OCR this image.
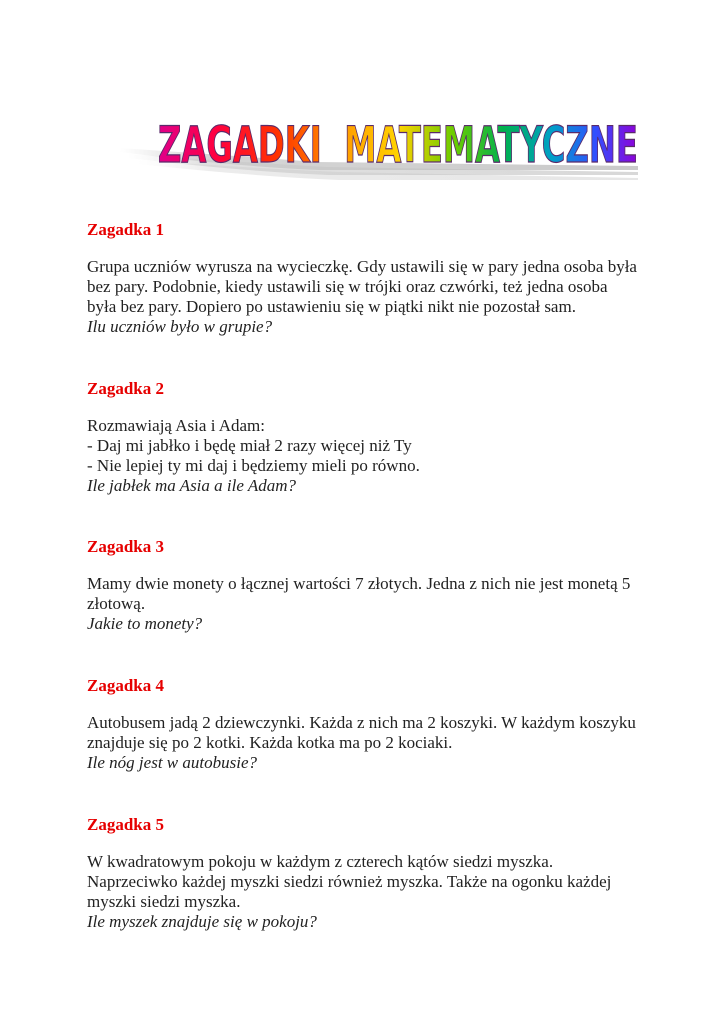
ZAGADKI  MATEMATYCZNE
Zagadka 1

Grupa uczniów wyrusza na wycieczkę. Gdy ustawili się w pary jedna osoba była
bez pary. Podobnie, kiedy ustawili się w trójki oraz czwórki, też jedna osoba
była bez pary. Dopiero po ustawieniu się w piątki nikt nie pozostał sam.
Ilu uczniów było w grupie?

Zagadka 2

Rozmawiają Asia i Adam:
- Daj mi jabłko i będę miał 2 razy więcej niż Ty
- Nie lepiej ty mi daj i będziemy mieli po równo.
Ile jabłek ma Asia a ile Adam?

Zagadka 3

Mamy dwie monety o łącznej wartości 7 złotych. Jedna z nich nie jest monetą 5
złotową.
Jakie to monety?

Zagadka 4

Autobusem jadą 2 dziewczynki. Każda z nich ma 2 koszyki. W każdym koszyku
znajduje się po 2 kotki. Każda kotka ma po 2 kociaki.
Ile nóg jest w autobusie?

Zagadka 5

W kwadratowym pokoju w każdym z czterech kątów siedzi myszka.
Naprzeciwko każdej myszki siedzi również myszka. Także na ogonku każdej
myszki siedzi myszka.
Ile myszek znajduje się w pokoju?
